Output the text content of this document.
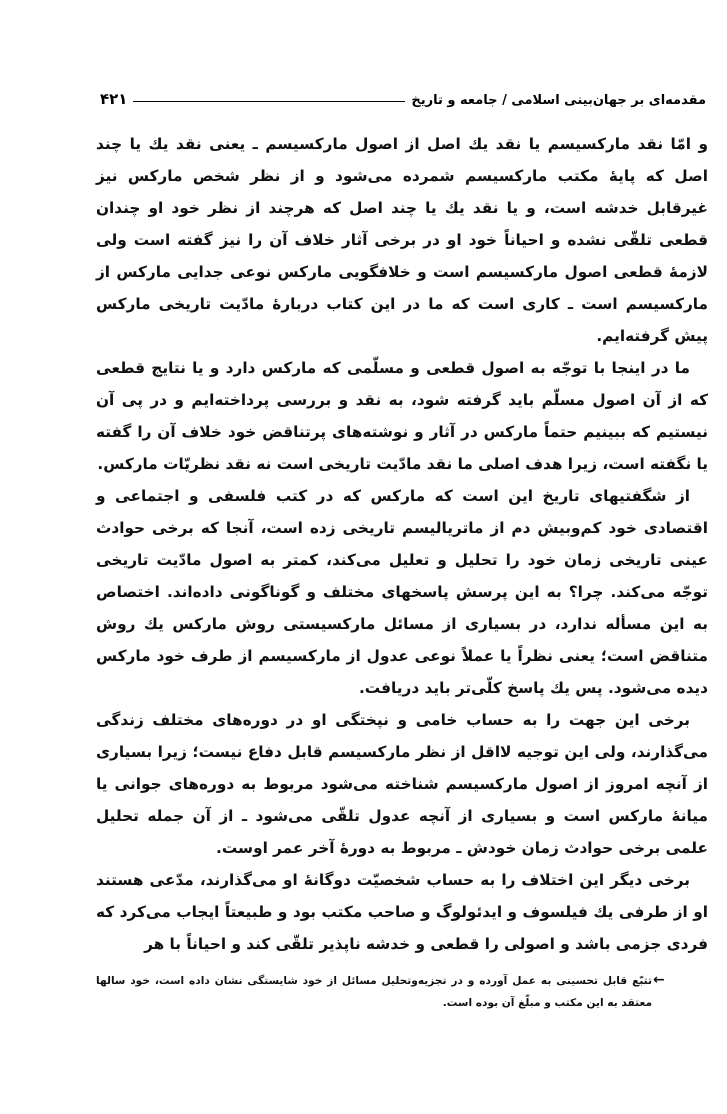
مقدمه‌ای بر جهان‌بینی اسلامی / جامعه و تاریخ
۴۲۱

و امّا نقد مارکسیسم یا نقد یك اصل از اصول مارکسیسم ـ یعنی نقد یك یا چند اصل که پایهٔ مکتب مارکسیسم شمرده می‌شود و از نظر شخص مارکس نیز غیرقابل خدشه است، و یا نقد یك یا چند اصل که هرچند از نظر خود او چندان قطعی تلقّی نشده و احیاناً خود او در برخی آثار خلاف آن را نیز گفته است ولی لازمهٔ قطعی اصول مارکسیسم است و خلافگویی مارکس نوعی جدایی مارکس از مارکسیسم است ـ کاری است که ما در این کتاب دربارهٔ مادّیت تاریخی مارکس پیش گرفته‌ایم.

ما در اینجا با توجّه به اصول قطعی و مسلّمی که مارکس دارد و یا نتایج قطعی که از آن اصول مسلّم باید گرفته شود، به نقد و بررسی پرداخته‌ایم و در پی آن نیستیم که ببینیم حتماً مارکس در آثار و نوشته‌های پرتناقض خود خلاف آن را گفته یا نگفته است، زیرا هدف اصلی ما نقد مادّیت تاریخی است نه نقد نظریّات مارکس.

از شگفتیهای تاریخ این است که مارکس که در کتب فلسفی و اجتماعی و اقتصادی خود کم‌وبیش دم از ماتریالیسم تاریخی زده است، آنجا که برخی حوادث عینی تاریخی زمان خود را تحلیل و تعلیل می‌کند، کمتر به اصول مادّیت تاریخی توجّه می‌کند. چرا؟ به این پرسش پاسخهای مختلف و گوناگونی داده‌اند. اختصاص به این مسأله ندارد، در بسیاری از مسائل مارکسیستی روش مارکس یك روش متناقض است؛ یعنی نظراً یا عملاً نوعی عدول از مارکسیسم از طرف خود مارکس دیده می‌شود. پس یك پاسخ کلّی‌تر باید دریافت.

برخی این جهت را به حساب خامی و نپختگی او در دوره‌های مختلف زندگی می‌گذارند، ولی این توجیه لااقل از نظر مارکسیسم قابل دفاع نیست؛ زیرا بسیاری از آنچه امروز از اصول مارکسیسم شناخته می‌شود مربوط به دوره‌های جوانی یا میانهٔ مارکس است و بسیاری از آنچه عدول تلقّی می‌شود ـ از آن جمله تحلیل علمی برخی حوادث زمان خودش ـ مربوط به دورهٔ آخر عمر اوست.

برخی دیگر این اختلاف را به حساب شخصیّت دوگانهٔ او می‌گذارند، مدّعی هستند او از طرفی یك فیلسوف و ایدئولوگ و صاحب مکتب بود و طبیعتاً ایجاب می‌کرد که فردی جزمی باشد و اصولی را قطعی و خدشه ناپذیر تلقّی کند و احیاناً با هر

←
تتبّع قابل تحسینی به عمل آورده و در تجزیه‌وتحلیل مسائل از خود شایستگی نشان داده است، خود سالها معتقد به این مکتب و مبلّغ آن بوده است.
